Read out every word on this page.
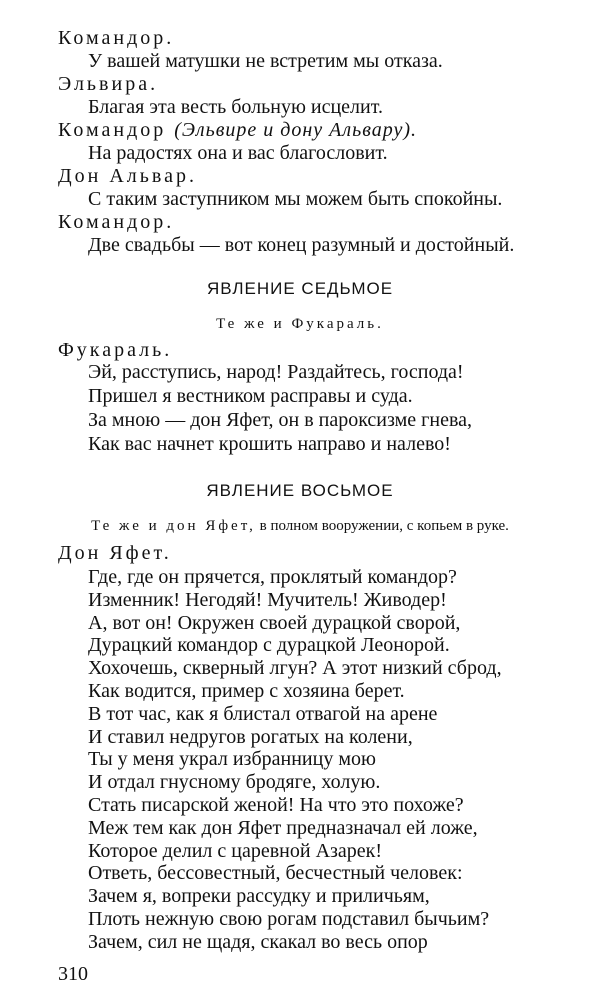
Командор.
У вашей матушки не встретим мы отказа.
Эльвира.
Благая эта весть больную исцелит.
Командор (Эльвире и дону Альвару).
На радостях она и вас благословит.
Дон Альвар.
С таким заступником мы можем быть спокойны.
Командор.
Две свадьбы — вот конец разумный и достойный.
ЯВЛЕНИЕ СЕДЬМОЕ
Те же и Фукараль.
Фукараль.
Эй, расступись, народ! Раздайтесь, господа!
Пришел я вестником расправы и суда.
За мною — дон Яфет, он в пароксизме гнева,
Как вас начнет крошить направо и налево!
ЯВЛЕНИЕ ВОСЬМОЕ
Те же и дон Яфет, в полном вооружении, с копьем в руке.
Дон Яфет.
Где, где он прячется, проклятый командор?
Изменник! Негодяй! Мучитель! Живодер!
А, вот он! Окружен своей дурацкой сворой,
Дурацкий командор с дурацкой Леонорой.
Хохочешь, скверный лгун? А этот низкий сброд,
Как водится, пример с хозяина берет.
В тот час, как я блистал отвагой на арене
И ставил недругов рогатых на колени,
Ты у меня украл избранницу мою
И отдал гнусному бродяге, холую.
Стать писарской женой! На что это похоже?
Меж тем как дон Яфет предназначал ей ложе,
Которое делил с царевной Азарек!
Ответь, бессовестный, бесчестный человек:
Зачем я, вопреки рассудку и приличьям,
Плоть нежную свою рогам подставил бычьим?
Зачем, сил не щадя, скакал во весь опор
310
